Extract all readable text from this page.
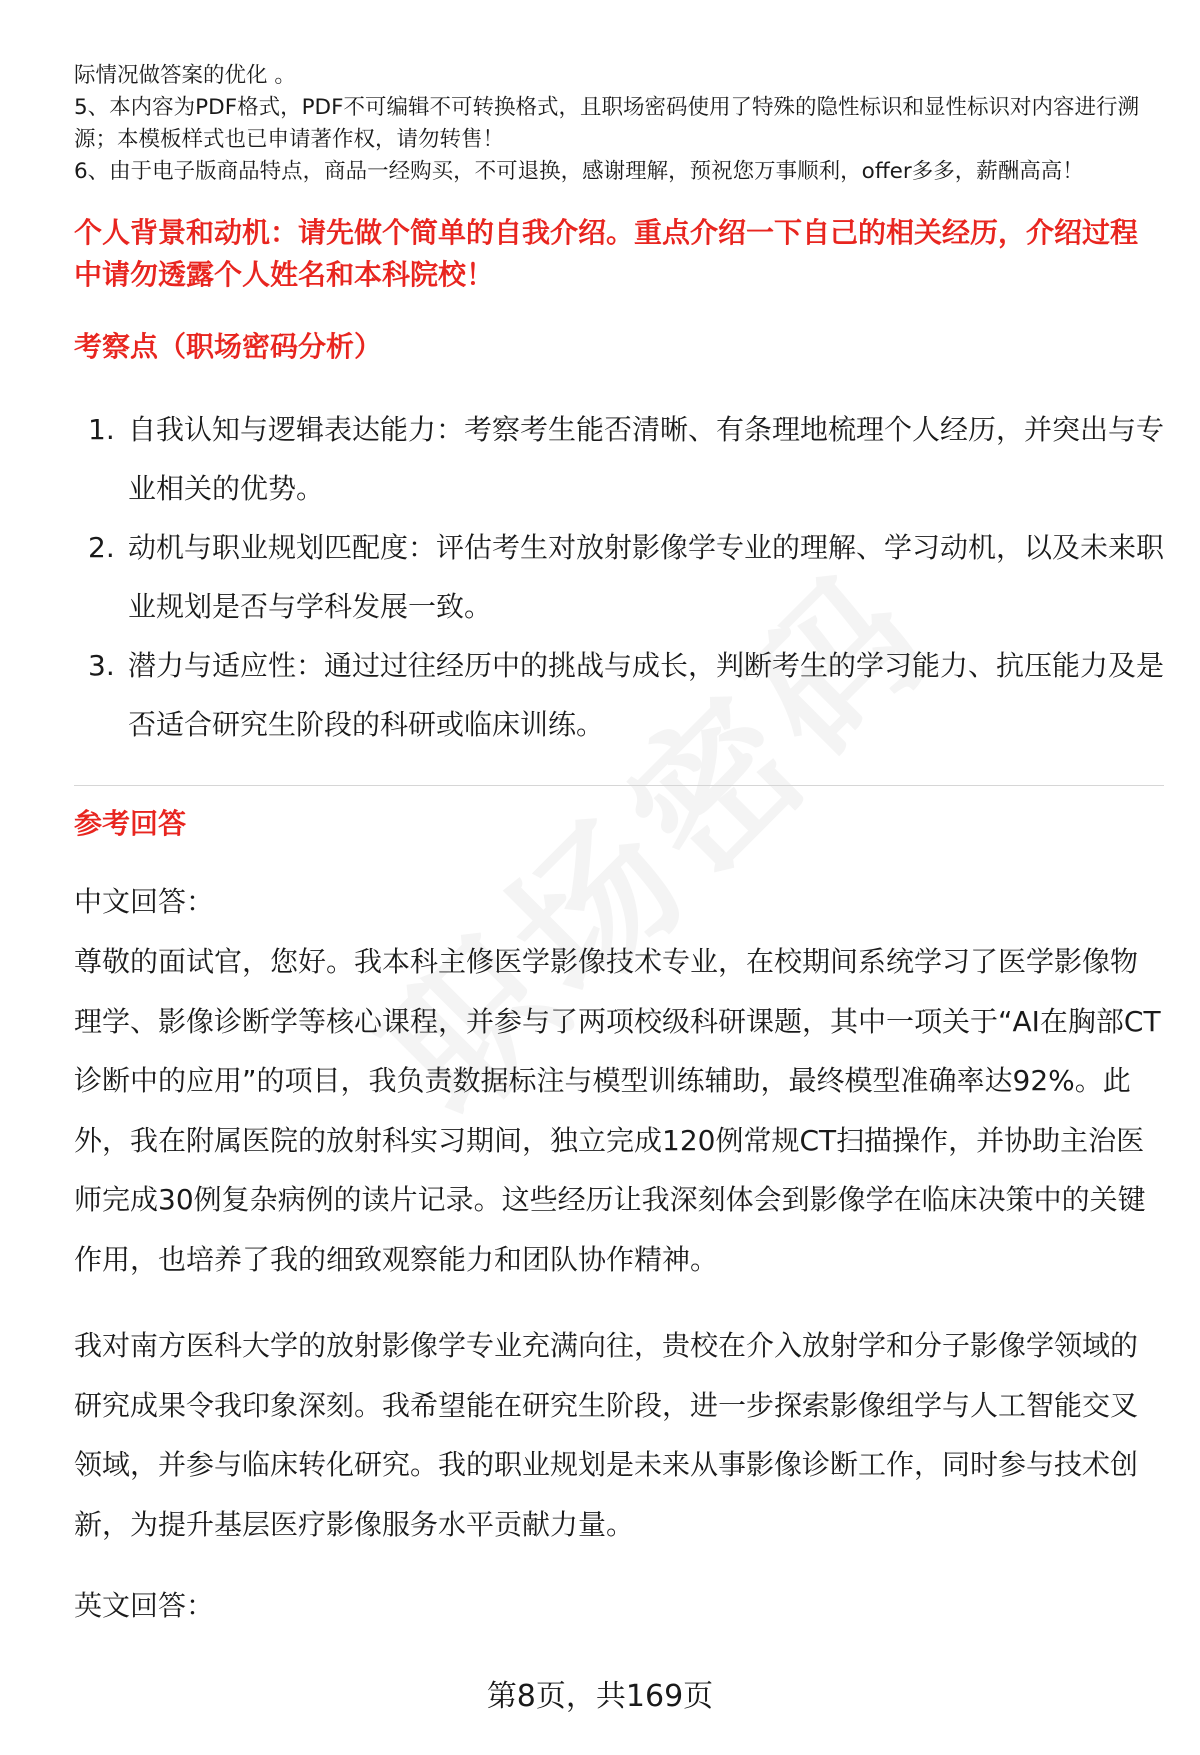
际情况做答案的优化 。

5、本内容为PDF格式，PDF不可编辑不可转换格式，且职场密码使用了特殊的隐性标识和显性标识对内容进行溯源；本模板样式也已申请著作权，请勿转售！

6、由于电子版商品特点，商品一经购买，不可退换，感谢理解，预祝您万事顺利，offer多多，薪酬高高！

个人背景和动机：请先做个简单的自我介绍。重点介绍一下自己的相关经历，介绍过程中请勿透露个人姓名和本科院校！

考察点（职场密码分析）

1. 自我认知与逻辑表达能力：考察考生能否清晰、有条理地梳理个人经历，并突出与专业相关的优势。
2. 动机与职业规划匹配度：评估考生对放射影像学专业的理解、学习动机，以及未来职业规划是否与学科发展一致。
3. 潜力与适应性：通过过往经历中的挑战与成长，判断考生的学习能力、抗压能力及是否适合研究生阶段的科研或临床训练。

参考回答

中文回答：

尊敬的面试官，您好。我本科主修医学影像技术专业，在校期间系统学习了医学影像物理学、影像诊断学等核心课程，并参与了两项校级科研课题，其中一项关于“AI在胸部CT诊断中的应用”的项目，我负责数据标注与模型训练辅助，最终模型准确率达92%。此外，我在附属医院的放射科实习期间，独立完成120例常规CT扫描操作，并协助主治医师完成30例复杂病例的读片记录。这些经历让我深刻体会到影像学在临床决策中的关键作用，也培养了我的细致观察能力和团队协作精神。

我对南方医科大学的放射影像学专业充满向往，贵校在介入放射学和分子影像学领域的研究成果令我印象深刻。我希望能在研究生阶段，进一步探索影像组学与人工智能交叉领域，并参与临床转化研究。我的职业规划是未来从事影像诊断工作，同时参与技术创新，为提升基层医疗影像服务水平贡献力量。

英文回答：

第8页，共169页
